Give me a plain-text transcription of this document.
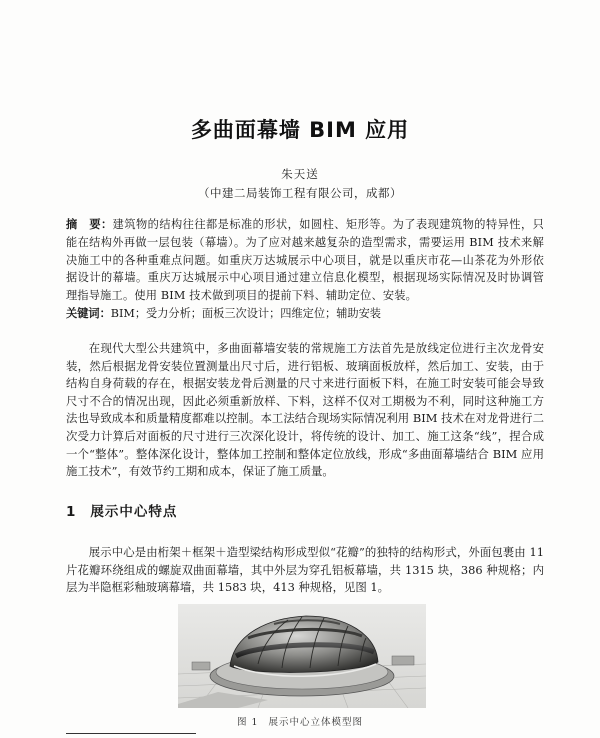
多曲面幕墙 BIM 应用
朱天送
（中建二局装饰工程有限公司，成都）
摘　要：建筑物的结构往往都是标准的形状，如圆柱、矩形等。为了表现建筑物的特异性，只能在结构外再做一层包装（幕墙）。为了应对越来越复杂的造型需求，需要运用 BIM 技术来解决施工中的各种重难点问题。如重庆万达城展示中心项目，就是以重庆市花—山茶花为外形依据设计的幕墙。重庆万达城展示中心项目通过建立信息化模型，根据现场实际情况及时协调管理指导施工。使用 BIM 技术做到项目的提前下料、辅助定位、安装。
关键词：BIM；受力分析；面板三次设计；四维定位；辅助安装
在现代大型公共建筑中，多曲面幕墙安装的常规施工方法首先是放线定位进行主次龙骨安装，然后根据龙骨安装位置测量出尺寸后，进行铝板、玻璃面板放样，然后加工、安装，由于结构自身荷载的存在，根据安装龙骨后测量的尺寸来进行面板下料，在施工时安装可能会导致尺寸不合的情况出现，因此必须重新放样、下料，这样不仅对工期极为不利，同时这种施工方法也导致成本和质量精度都难以控制。本工法结合现场实际情况利用 BIM 技术在对龙骨进行二次受力计算后对面板的尺寸进行三次深化设计，将传统的设计、加工、施工这条“线”，捏合成一个“整体”。整体深化设计，整体加工控制和整体定位放线，形成“多曲面幕墙结合 BIM 应用施工技术”，有效节约工期和成本，保证了施工质量。
1 展示中心特点
展示中心是由桁架＋框架＋造型梁结构形成型似“花瓣”的独特的结构形式，外面包裹由 11 片花瓣环绕组成的螺旋双曲面幕墙，其中外层为穿孔铝板幕墙，共 1315 块，386 种规格；内层为半隐框彩釉玻璃幕墙，共 1583 块，413 种规格，见图 1。
图 1 展示中心立体模型图
